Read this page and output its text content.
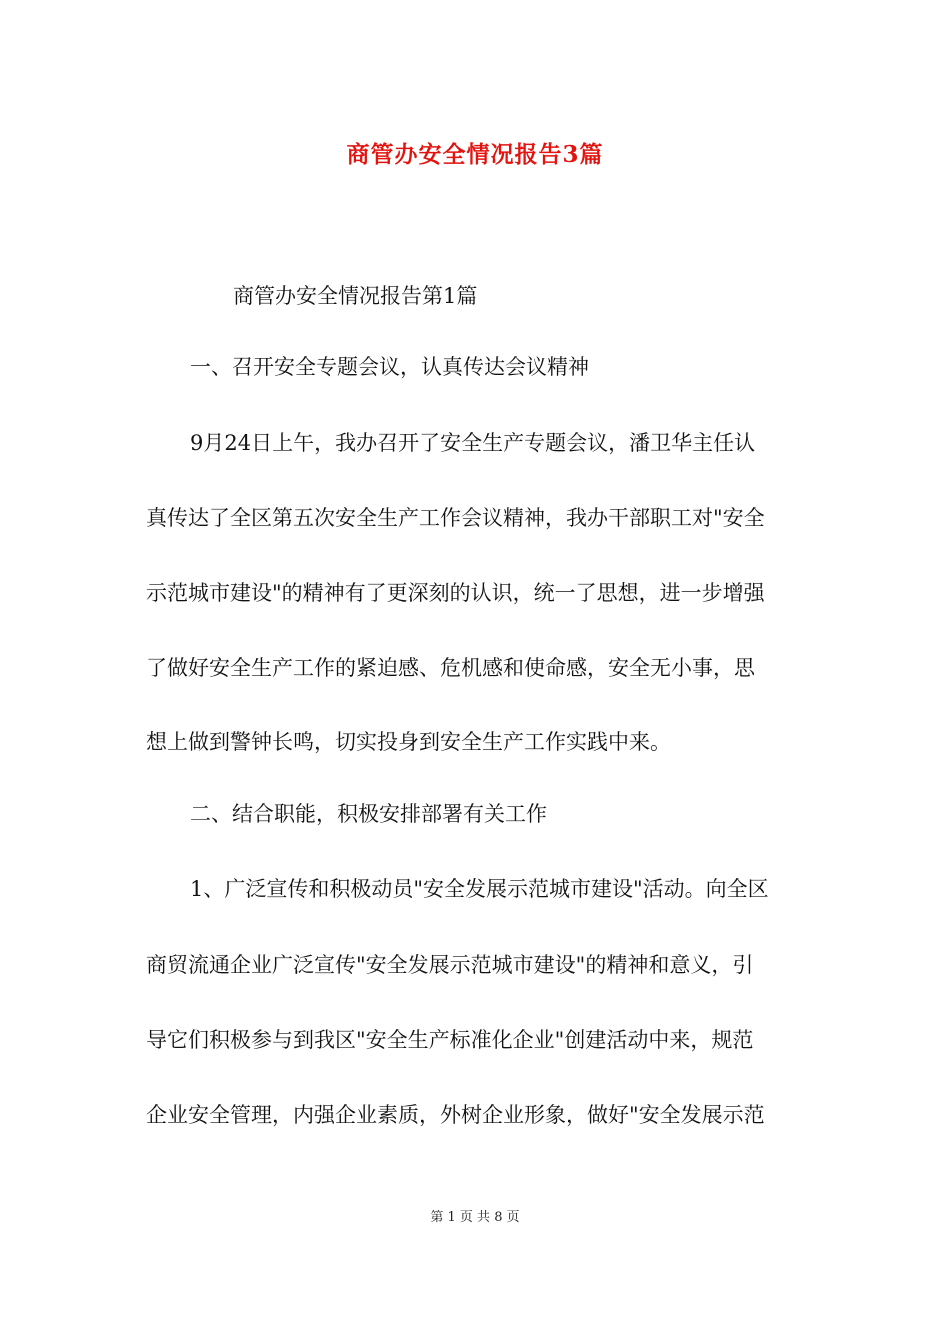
商管办安全情况报告3篇
商管办安全情况报告第1篇
一、召开安全专题会议，认真传达会议精神
9月24日上午，我办召开了安全生产专题会议，潘卫华主任认
真传达了全区第五次安全生产工作会议精神，我办干部职工对"安全
示范城市建设"的精神有了更深刻的认识，统一了思想，进一步增强
了做好安全生产工作的紧迫感、危机感和使命感，安全无小事，思
想上做到警钟长鸣，切实投身到安全生产工作实践中来。
二、结合职能，积极安排部署有关工作
1、广泛宣传和积极动员"安全发展示范城市建设"活动。向全区
商贸流通企业广泛宣传"安全发展示范城市建设"的精神和意义，引
导它们积极参与到我区"安全生产标准化企业"创建活动中来，规范
企业安全管理，内强企业素质，外树企业形象，做好"安全发展示范
第 1 页 共 8 页
